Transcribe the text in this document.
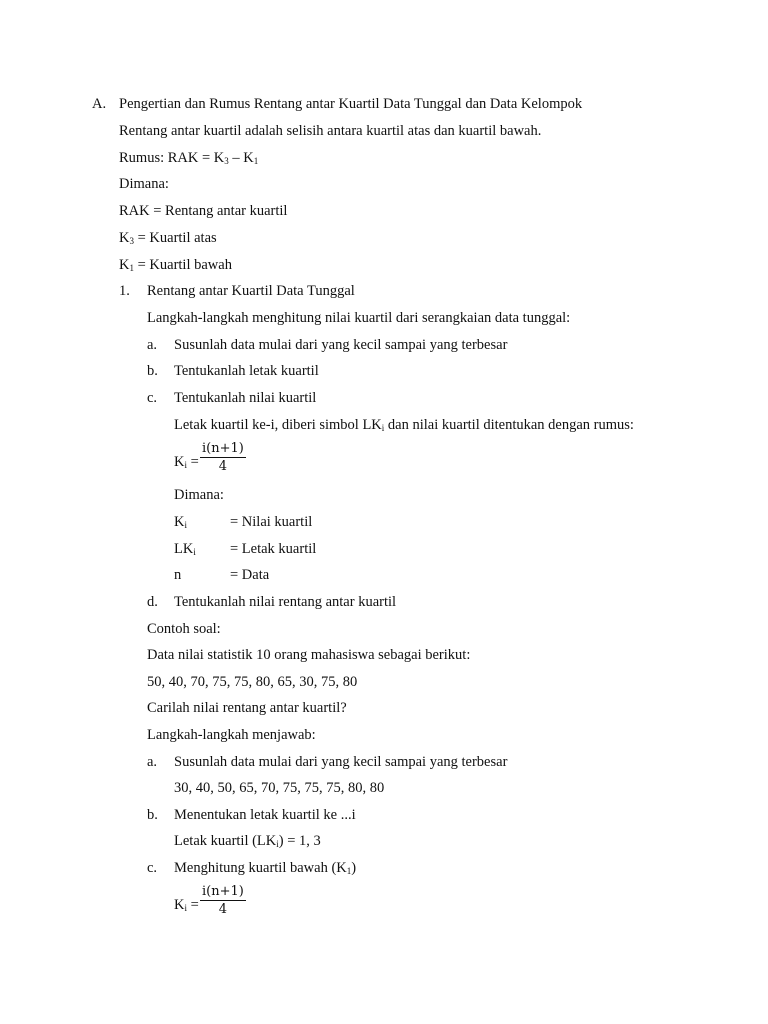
A. Pengertian dan Rumus Rentang antar Kuartil Data Tunggal dan Data Kelompok
Rentang antar kuartil adalah selisih antara kuartil atas dan kuartil bawah.
Rumus: RAK = $K_3 - K_1$
Dimana:
RAK = Rentang antar kuartil
$K_3$ = Kuartil atas
$K_1$ = Kuartil bawah
1. Rentang antar Kuartil Data Tunggal
Langkah-langkah menghitung nilai kuartil dari serangkaian data tunggal:
a. Susunlah data mulai dari yang kecil sampai yang terbesar
b. Tentukanlah letak kuartil
c. Tentukanlah nilai kuartil
Letak kuartil ke-i, diberi simbol $LK_i$ dan nilai kuartil ditentukan dengan rumus:
$K_i$ =
i(n+1)
4
Dimana:
$K_i$	= Nilai kuartil
$LK_i$ = Letak kuartil
n	= Data
d. Tentukanlah nilai rentang antar kuartil
Contoh soal:
Data nilai statistik 10 orang mahasiswa sebagai berikut:
50, 40, 70, 75, 75, 80, 65, 30, 75, 80
Carilah nilai rentang antar kuartil?
Langkah-langkah menjawab:
a. Susunlah data mulai dari yang kecil sampai yang terbesar
30, 40, 50, 65, 70, 75, 75, 75, 80, 80
b. Menentukan letak kuartil ke ...i
Letak kuartil $(LK_i) = 1$, 3
c. Menghitung kuartil bawah $(K_1)$
$K_i$ =
i(n+1)
4
